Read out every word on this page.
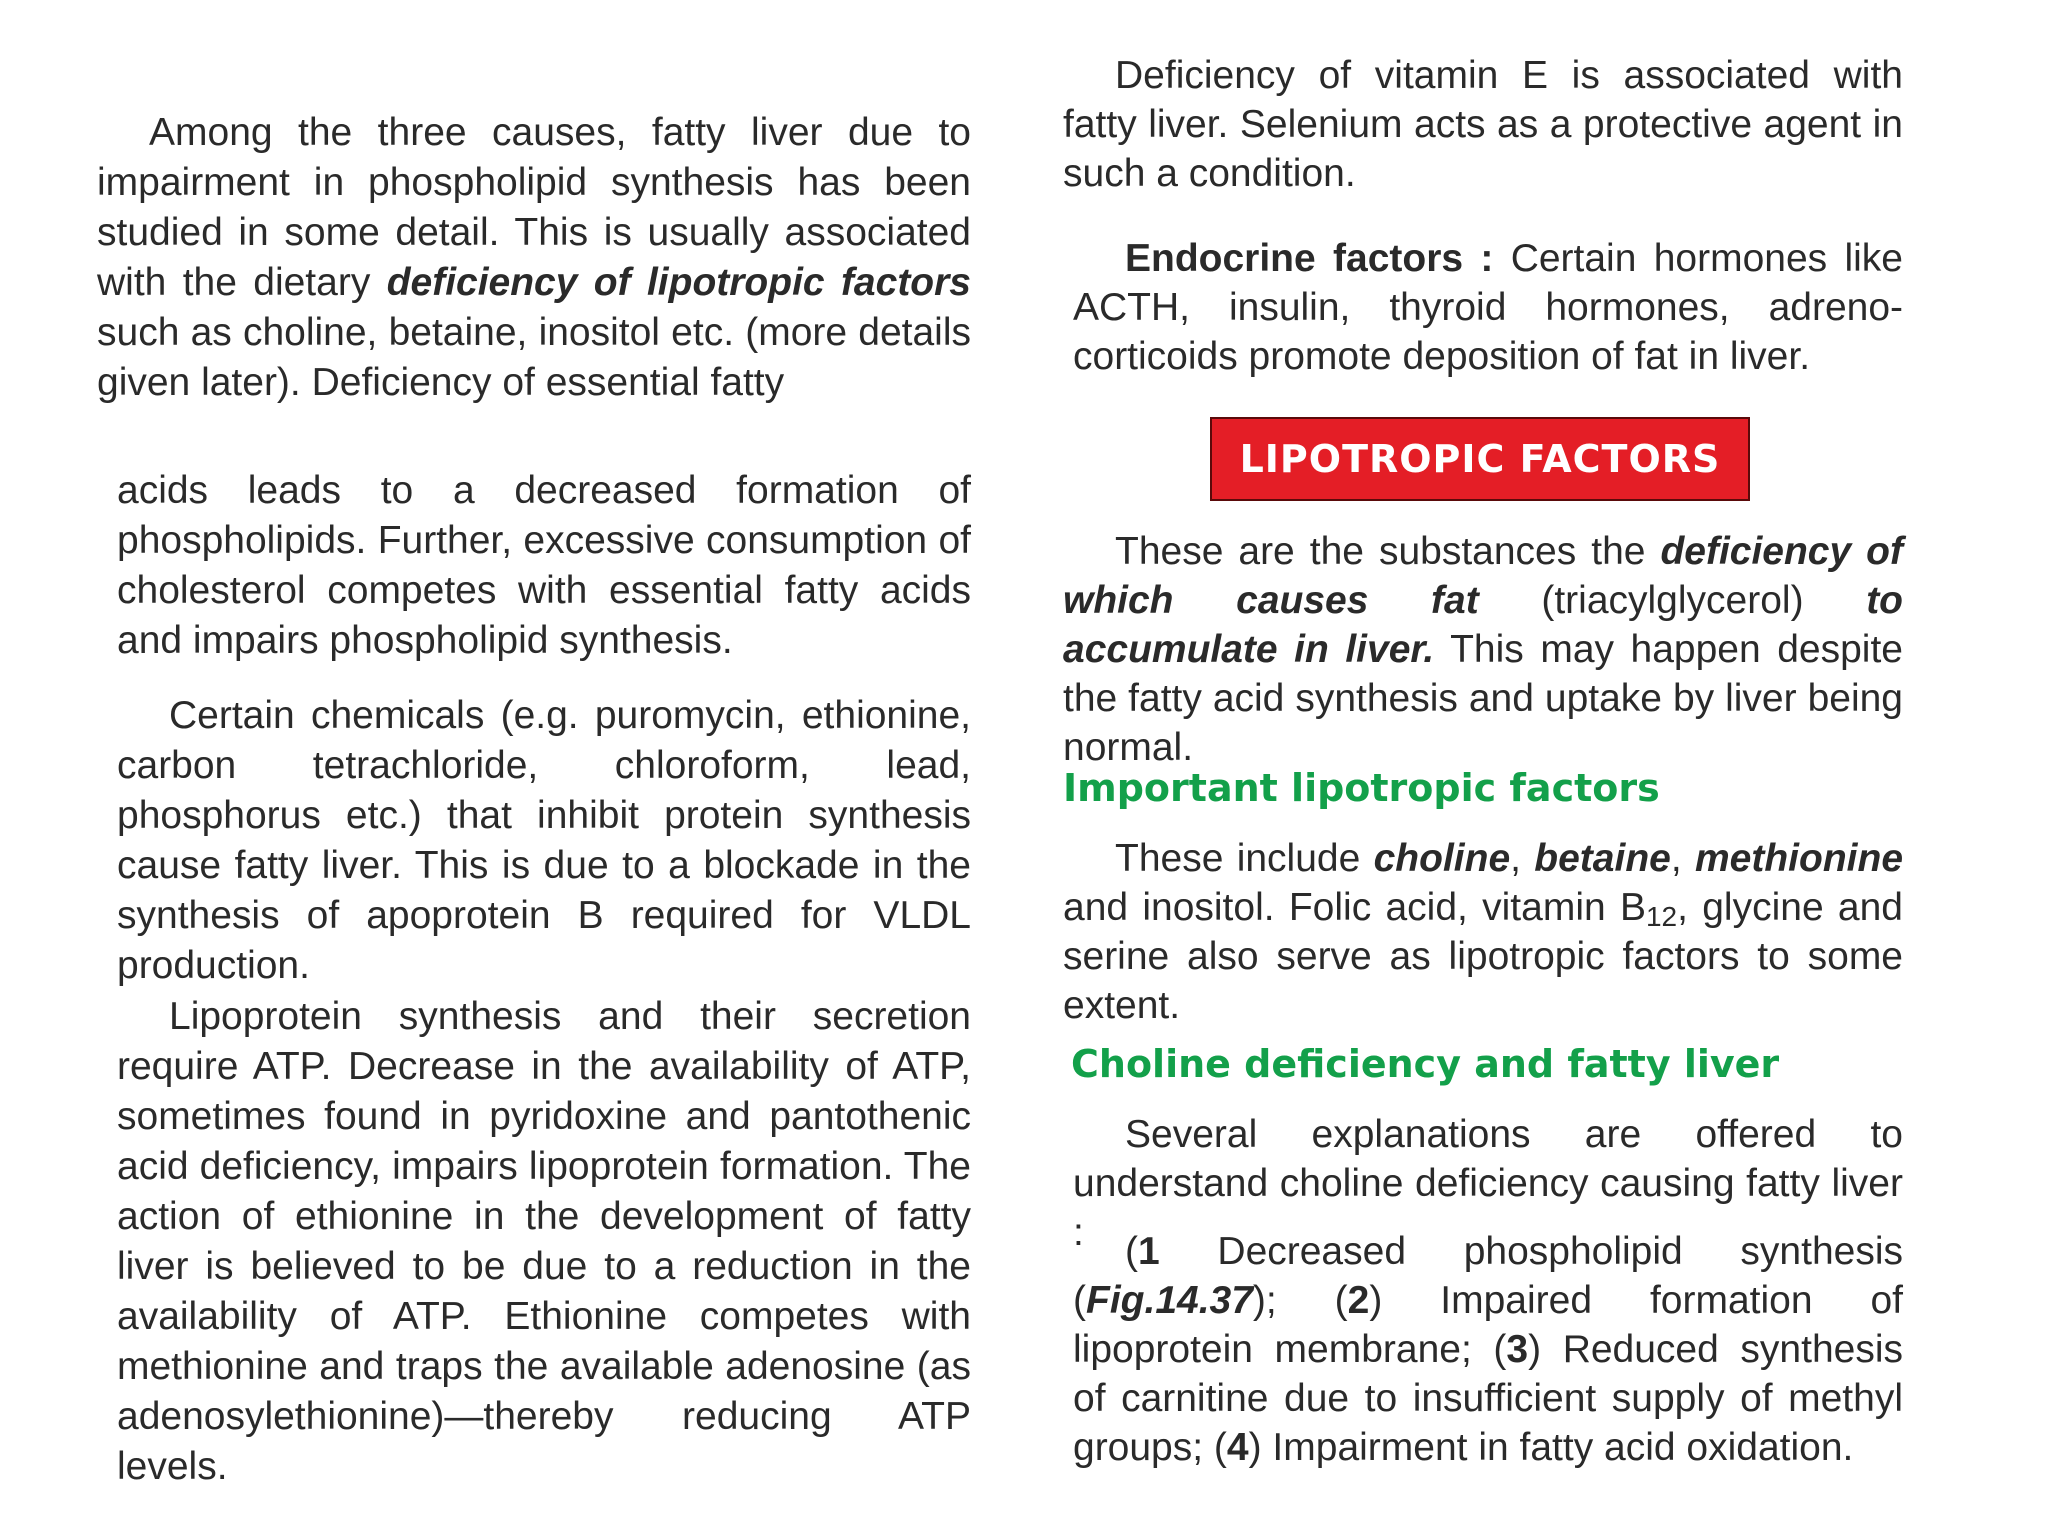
Among the three causes, fatty liver due to impairment in phospholipid synthesis has been studied in some detail. This is usually associated with the dietary deficiency of lipotropic factors such as choline, betaine, inositol etc. (more details given later). Deficiency of essential fatty

acids leads to a decreased formation of phospholipids. Further, excessive consumption of cholesterol competes with essential fatty acids and impairs phospholipid synthesis.

Certain chemicals (e.g. puromycin, ethionine, carbon tetrachloride, chloroform, lead, phosphorus etc.) that inhibit protein synthesis cause fatty liver. This is due to a blockade in the synthesis of apoprotein B required for VLDL production.

Lipoprotein synthesis and their secretion require ATP. Decrease in the availability of ATP, sometimes found in pyridoxine and pantothenic acid deficiency, impairs lipoprotein formation. The action of ethionine in the development of fatty liver is believed to be due to a reduction in the availability of ATP. Ethionine competes with methionine and traps the available adenosine (as adenosylethionine)—thereby reducing ATP levels.

Deficiency of vitamin E is associated with fatty liver. Selenium acts as a protective agent in such a condition.

Endocrine factors : Certain hormones like ACTH, insulin, thyroid hormones, adreno-corticoids promote deposition of fat in liver.

LIPOTROPIC FACTORS

These are the substances the deficiency of which causes fat (triacylglycerol) to accumulate in liver. This may happen despite the fatty acid synthesis and uptake by liver being normal.

Important lipotropic factors

These include choline, betaine, methionine and inositol. Folic acid, vitamin $B_{12}$, glycine and serine also serve as lipotropic factors to some extent.

Choline deficiency and fatty liver

Several explanations are offered to understand choline deficiency causing fatty liver :	(1 Decreased phospholipid synthesis (Fig.14.37); (2) Impaired formation of lipoprotein membrane; (3) Reduced synthesis of carnitine due to insufficient supply of methyl groups; (4) Impairment in fatty acid oxidation.
